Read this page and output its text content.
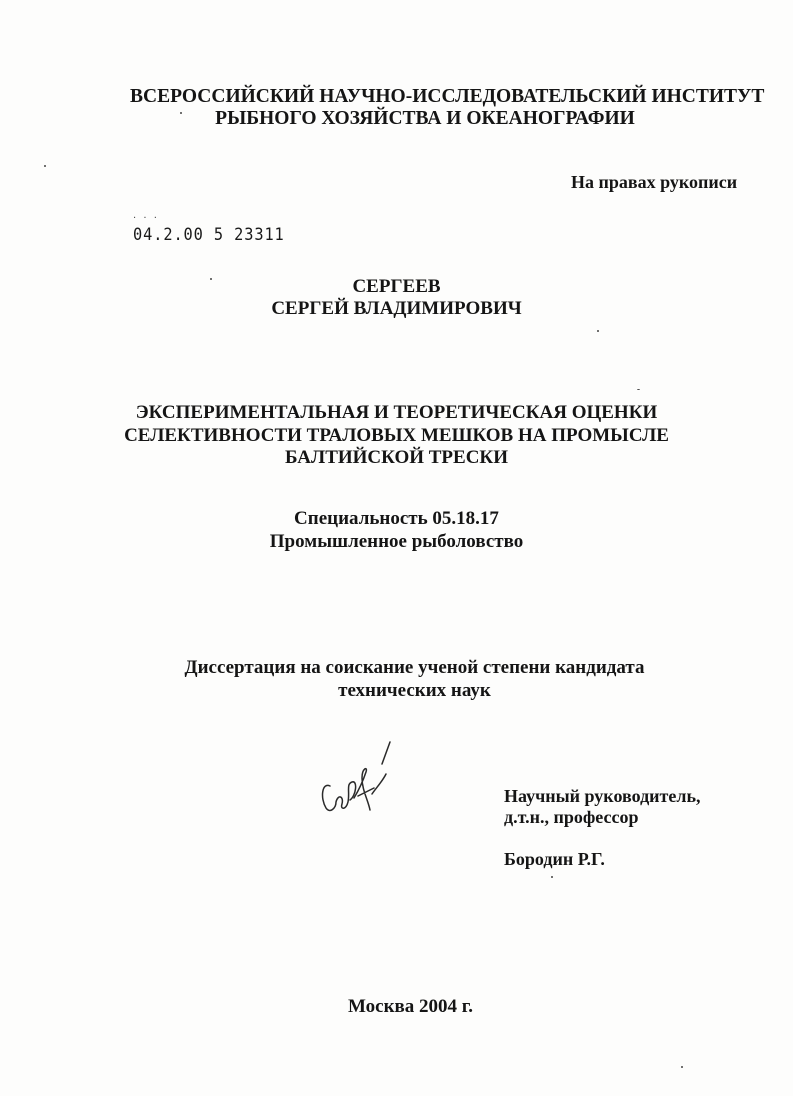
ВСЕРОССИЙСКИЙ НАУЧНО-ИССЛЕДОВАТЕЛЬСКИЙ ИНСТИТУТ
РЫБНОГО ХОЗЯЙСТВА И ОКЕАНОГРАФИИ
На правах рукописи
· · ·
04.2.00 5 23311
СЕРГЕЕВ
СЕРГЕЙ ВЛАДИМИРОВИЧ
ЭКСПЕРИМЕНТАЛЬНАЯ И ТЕОРЕТИЧЕСКАЯ ОЦЕНКИ
СЕЛЕКТИВНОСТИ ТРАЛОВЫХ МЕШКОВ НА ПРОМЫСЛЕ
БАЛТИЙСКОЙ ТРЕСКИ
Специальность 05.18.17
Промышленное рыболовство
Диссертация на соискание ученой степени кандидата
технических наук
Научный руководитель,
д.т.н., профессор
Бородин Р.Г.
Москва 2004 г.
